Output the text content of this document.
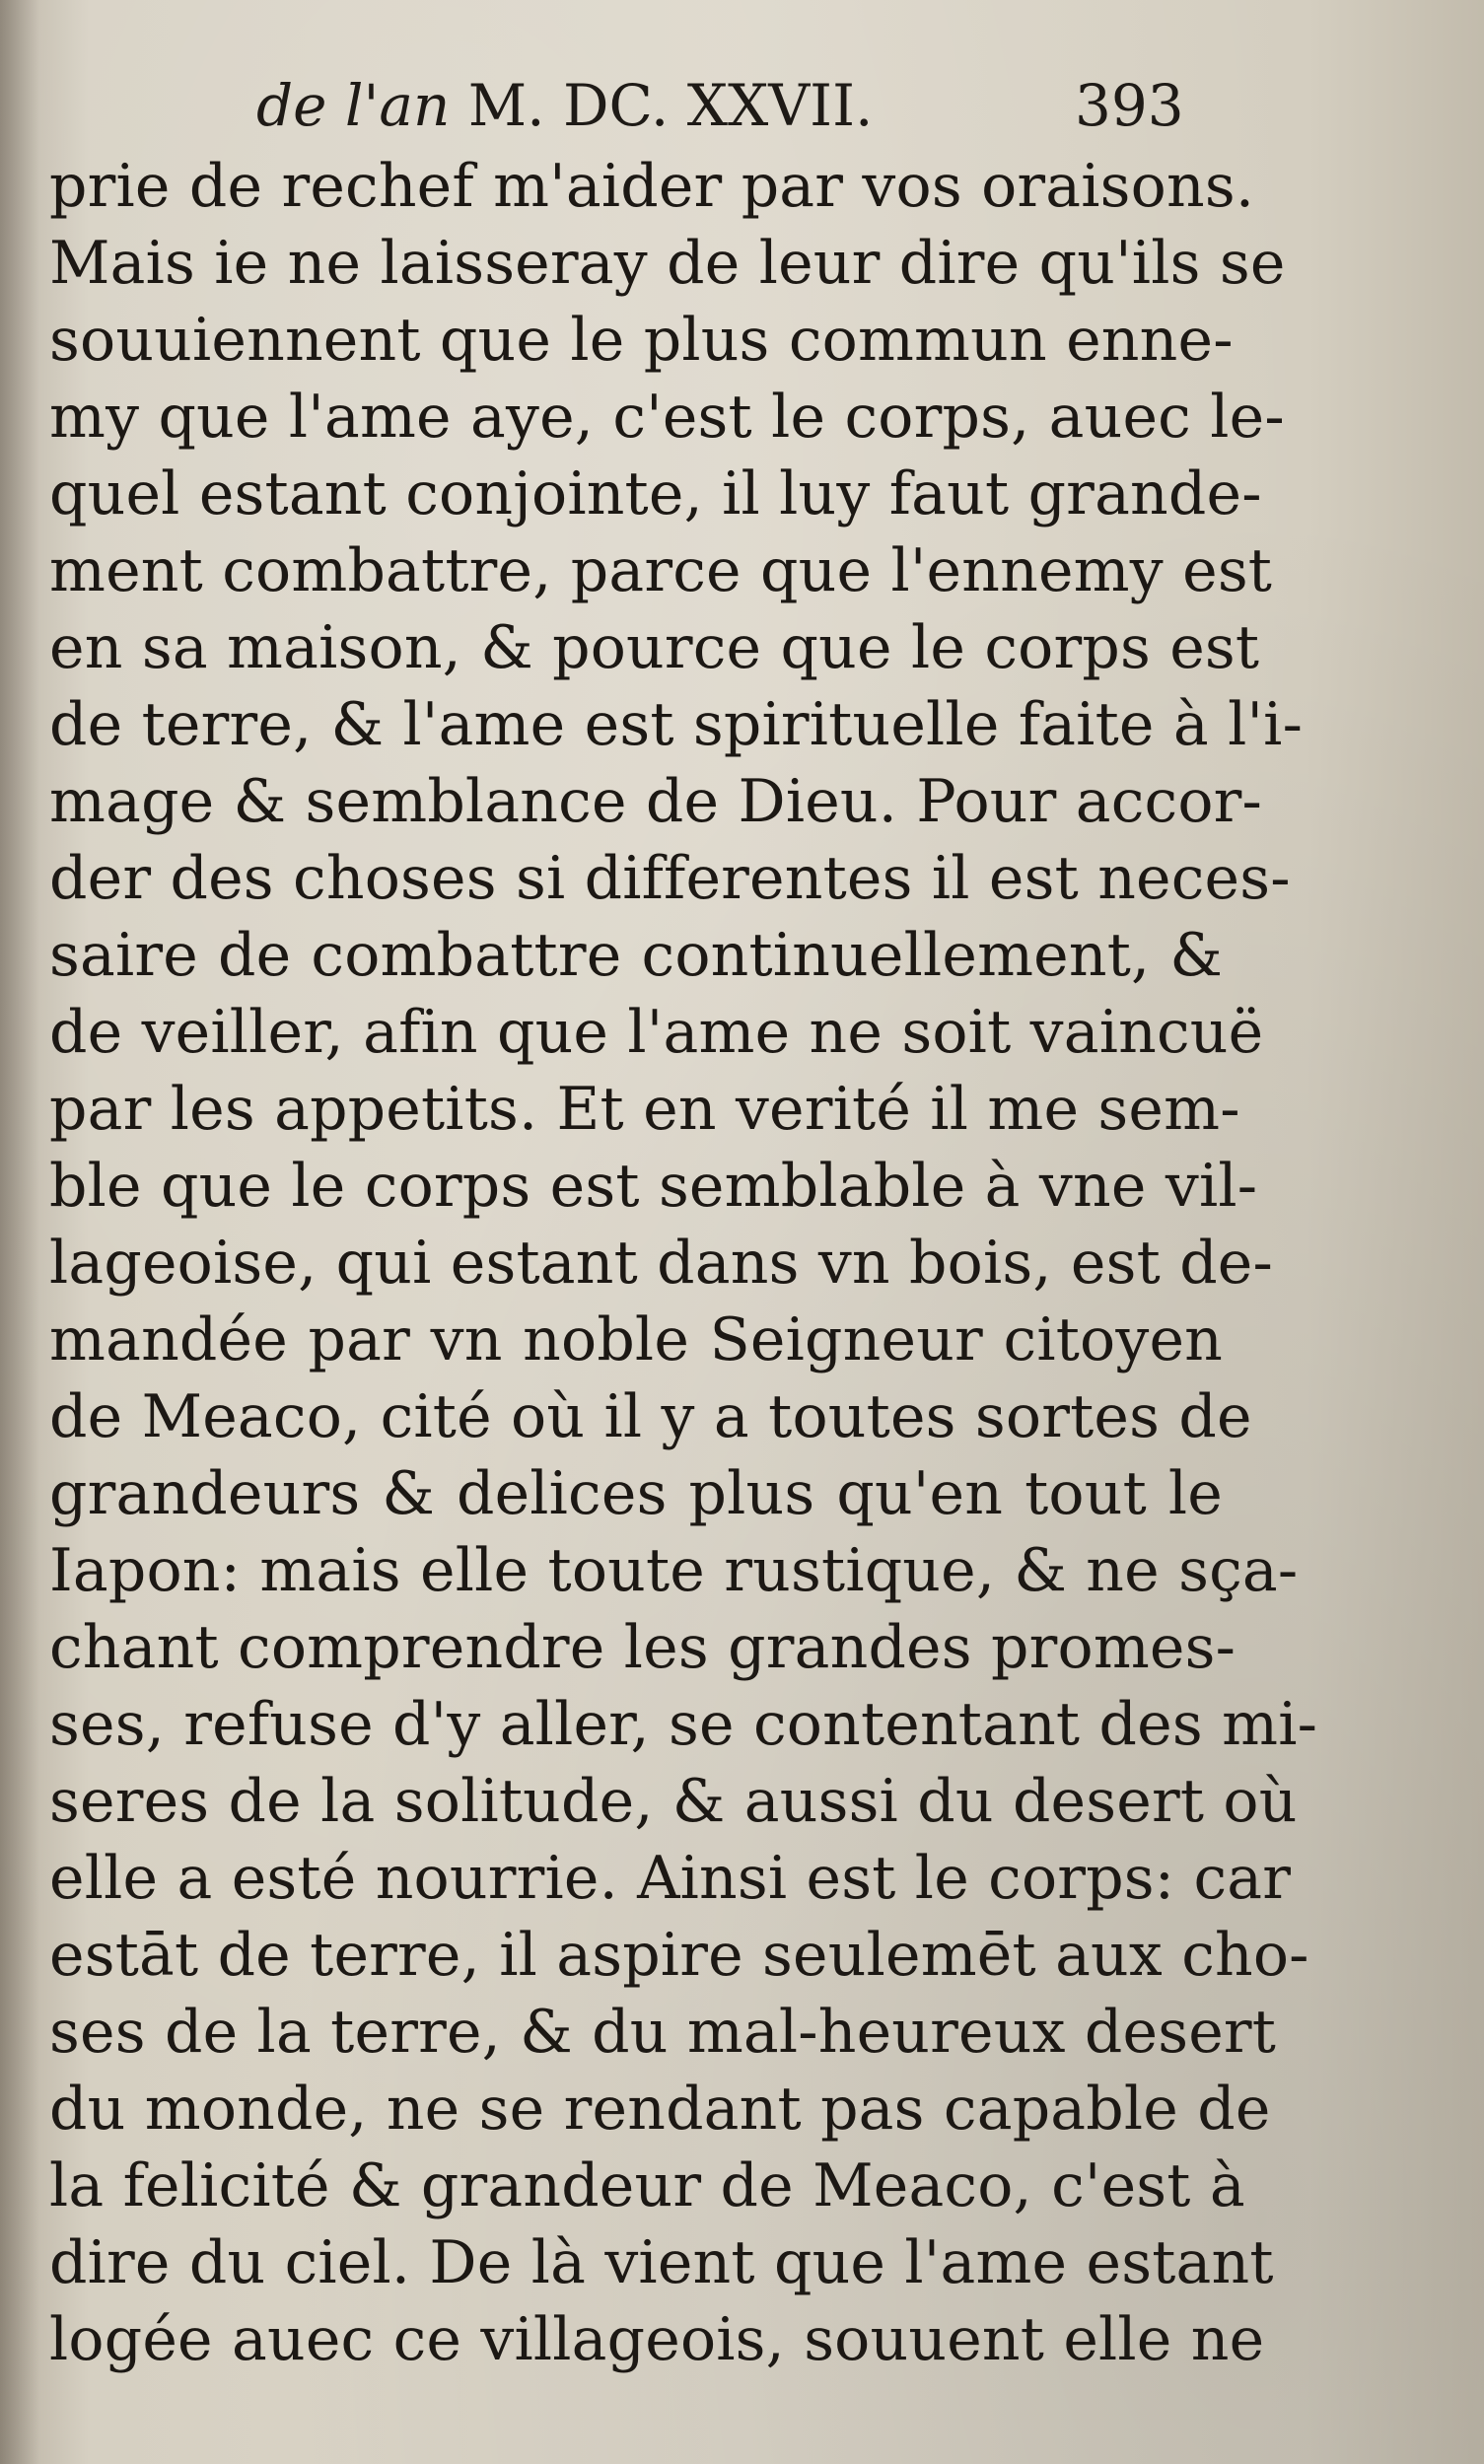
de l'an M. DC. XXVII.	393
prie de rechef m'aider par vos oraisons.
Mais ie ne laisseray de leur dire qu'ils se
souuiennent que le plus commun enne-
my que l'ame aye, c'est le corps, auec le-
quel estant conjointe, il luy faut grande-
ment combattre, parce que l'ennemy est
en sa maison, & pource que le corps est
de terre, & l'ame est spirituelle faite à l'i-
mage & semblance de Dieu. Pour accor-
der des choses si differentes il est neces-
saire de combattre continuellement, &
de veiller, afin que l'ame ne soit vaincuë
par les appetits. Et en verité il me sem-
ble que le corps est semblable à vne vil-
lageoise, qui estant dans vn bois, est de-
mandée par vn noble Seigneur citoyen
de Meaco, cité où il y a toutes sortes de
grandeurs & delices plus qu'en tout le
Iapon: mais elle toute rustique, & ne sça-
chant comprendre les grandes promes-
ses, refuse d'y aller, se contentant des mi-
seres de la solitude, & aussi du desert où
elle a esté nourrie. Ainsi est le corps: car
estāt de terre, il aspire seulemēt aux cho-
ses de la terre, & du mal-heureux desert
du monde, ne se rendant pas capable de
la felicité & grandeur de Meaco, c'est à
dire du ciel. De là vient que l'ame estant
logée auec ce villageois, souuent elle ne
